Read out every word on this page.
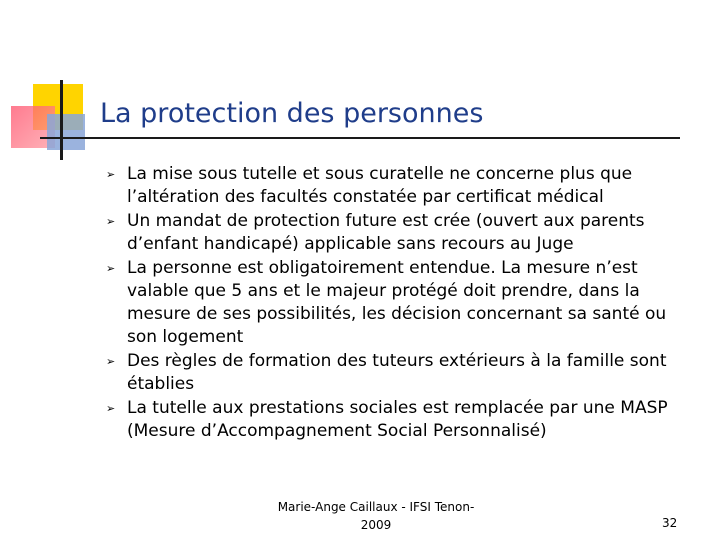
La protection des personnes
➢ La mise sous tutelle et sous curatelle ne concerne plus que l’altération des facultés constatée par certificat médical
➢ Un mandat de protection future est crée (ouvert aux parents d’enfant handicapé) applicable sans recours au Juge
➢ La personne est obligatoirement entendue. La mesure n’est valable que 5 ans et le majeur protégé doit prendre, dans la mesure de ses possibilités, les décision concernant sa santé ou son logement
➢ Des règles de formation des tuteurs extérieurs à la famille sont établies
➢ La tutelle aux prestations sociales est remplacée par une MASP (Mesure d’Accompagnement Social Personnalisé)
Marie-Ange Caillaux - IFSI Tenon-2009	32
